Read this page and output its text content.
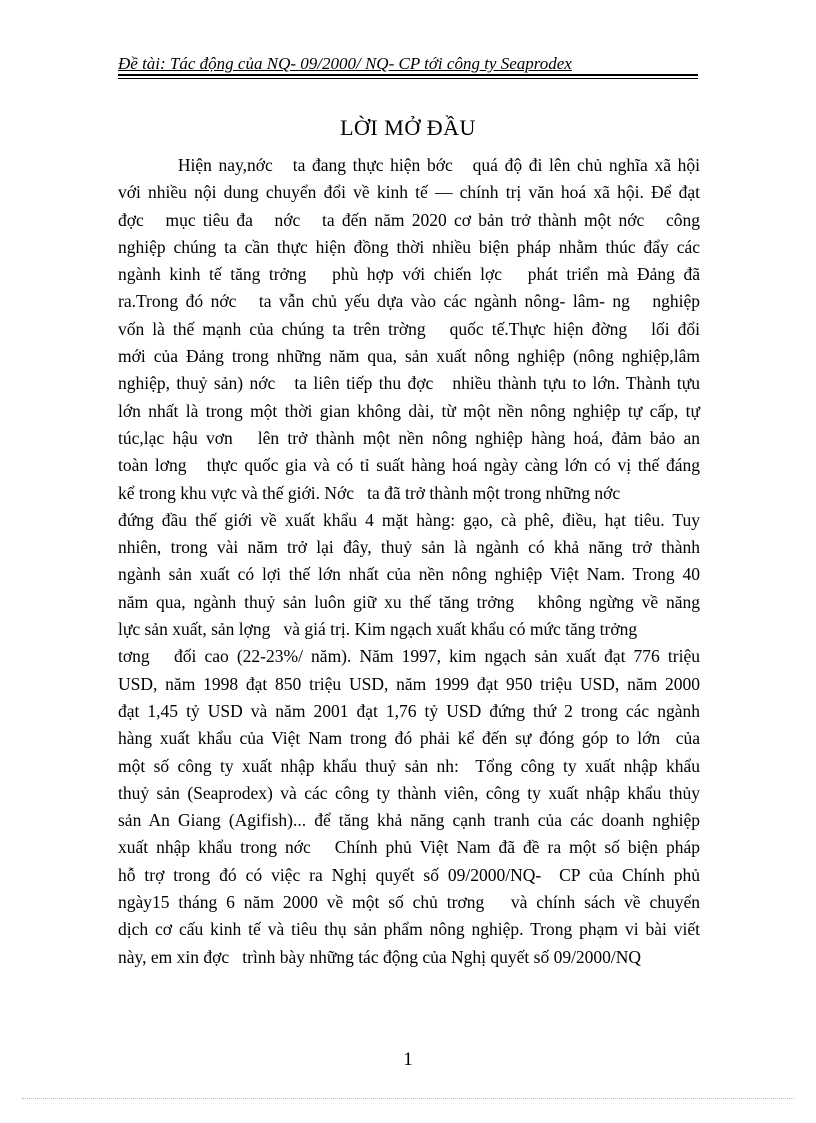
Đề tài: Tác động của NQ- 09/2000/ NQ- CP tới công ty Seaprodex
LỜI MỞ ĐẦU
Hiện nay,nớc   ta đang thực hiện bớc   quá độ đi lên chủ nghĩa xã hội
với nhiều nội dung chuyển đổi về kinh tế — chính trị văn hoá xã hội. Để đạt
đợc   mục tiêu đa   nớc   ta đến năm 2020 cơ bản trở thành một nớc   công
nghiệp chúng ta cần thực hiện đồng thời nhiều biện pháp nhằm thúc đẩy các
ngành kinh tế tăng trởng   phù hợp với chiến lợc   phát triển mà Đảng đã
ra.Trong đó nớc   ta vẫn chủ yếu dựa vào các ngành nông- lâm- ng   nghiệp
vốn là thế mạnh của chúng ta trên trờng   quốc tế.Thực hiện đờng   lối đổi
mới của Đảng trong những năm qua, sản xuất nông nghiệp (nông nghiệp,lâm
nghiệp, thuỷ sản) nớc   ta liên tiếp thu đợc   nhiều thành tựu to lớn. Thành tựu
lớn nhất là trong một thời gian không dài, từ một nền nông nghiệp tự cấp, tự
túc,lạc hậu vơn   lên trở thành một nền nông nghiệp hàng hoá, đảm bảo an
toàn lơng   thực quốc gia và có tỉ suất hàng hoá ngày càng lớn có vị thế đáng
kể trong khu vực và thế giới. Nớc   ta đã trở thành một trong những nớc
đứng đầu thế giới về xuất khẩu 4 mặt hàng: gạo, cà phê, điều, hạt tiêu. Tuy
nhiên, trong vài năm trở lại đây, thuỷ sản là ngành có khả năng trở thành
ngành sản xuất có lợi thế lớn nhất của nền nông nghiệp Việt Nam. Trong 40
năm qua, ngành thuỷ sản luôn giữ xu thế tăng trởng   không ngừng về năng
lực sản xuất, sản lợng   và giá trị. Kim ngạch xuất khẩu có mức tăng trởng
tơng   đối cao (22-23%/ năm). Năm 1997, kim ngạch sản xuất đạt 776 triệu
USD, năm 1998 đạt 850 triệu USD, năm 1999 đạt 950 triệu USD, năm 2000
đạt 1,45 tỷ USD và năm 2001 đạt 1,76 tỷ USD đứng thứ 2 trong các ngành
hàng xuất khẩu của Việt Nam trong đó phải kể đến sự đóng góp to lớn  của
một số công ty xuất nhập khẩu thuỷ sản nh:  Tổng công ty xuất nhập khẩu
thuỷ sản (Seaprodex) và các công ty thành viên, công ty xuất nhập khẩu thủy
sản An Giang (Agifish)... để tăng khả năng cạnh tranh của các doanh nghiệp
xuất nhập khẩu trong nớc   Chính phủ Việt Nam đã đề ra một số biện pháp
hỗ trợ trong đó có việc ra Nghị quyết số 09/2000/NQ-  CP của Chính phủ
ngày15 tháng 6 năm 2000 về một số chủ trơng   và chính sách về chuyển
dịch cơ cấu kinh tế và tiêu thụ sản phẩm nông nghiệp. Trong phạm vi bài viết
này, em xin đợc   trình bày những tác động của Nghị quyết số 09/2000/NQ
1
